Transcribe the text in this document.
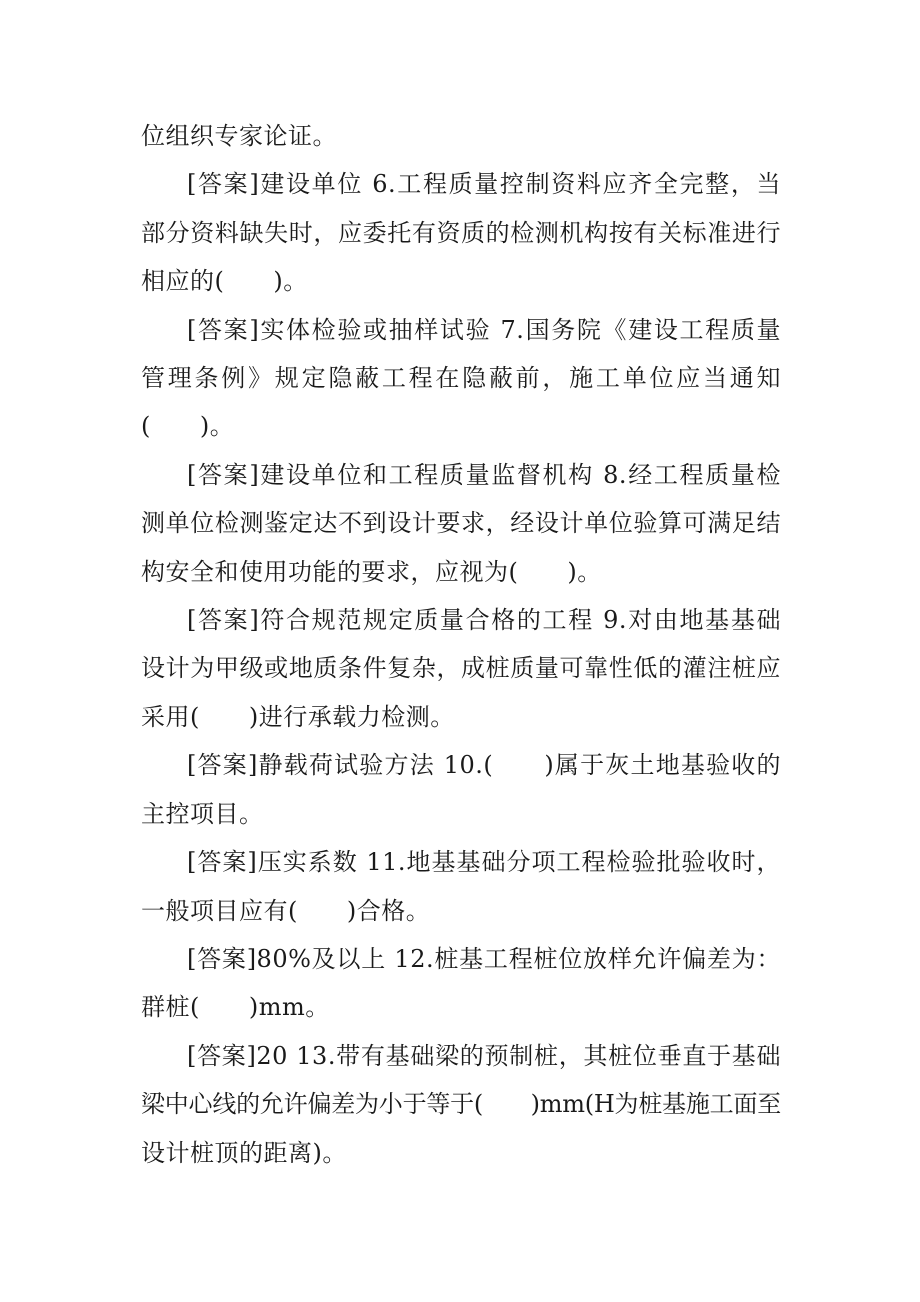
位组织专家论证。
[答案]建设单位 6.工程质量控制资料应齐全完整，当
部分资料缺失时，应委托有资质的检测机构按有关标准进行
相应的(　　)。
[答案]实体检验或抽样试验 7.国务院《建设工程质量
管理条例》规定隐蔽工程在隐蔽前，施工单位应当通知
(　　)。
[答案]建设单位和工程质量监督机构 8.经工程质量检
测单位检测鉴定达不到设计要求，经设计单位验算可满足结
构安全和使用功能的要求，应视为(　　)。
[答案]符合规范规定质量合格的工程 9.对由地基基础
设计为甲级或地质条件复杂，成桩质量可靠性低的灌注桩应
采用(　　)进行承载力检测。
[答案]静载荷试验方法 10.(　　)属于灰土地基验收的
主控项目。
[答案]压实系数 11.地基基础分项工程检验批验收时，
一般项目应有(　　)合格。
[答案]80%及以上 12.桩基工程桩位放样允许偏差为：
群桩(　　)mm。
[答案]20 13.带有基础梁的预制桩，其桩位垂直于基础
梁中心线的允许偏差为小于等于(　　)mm(H为桩基施工面至
设计桩顶的距离)。
